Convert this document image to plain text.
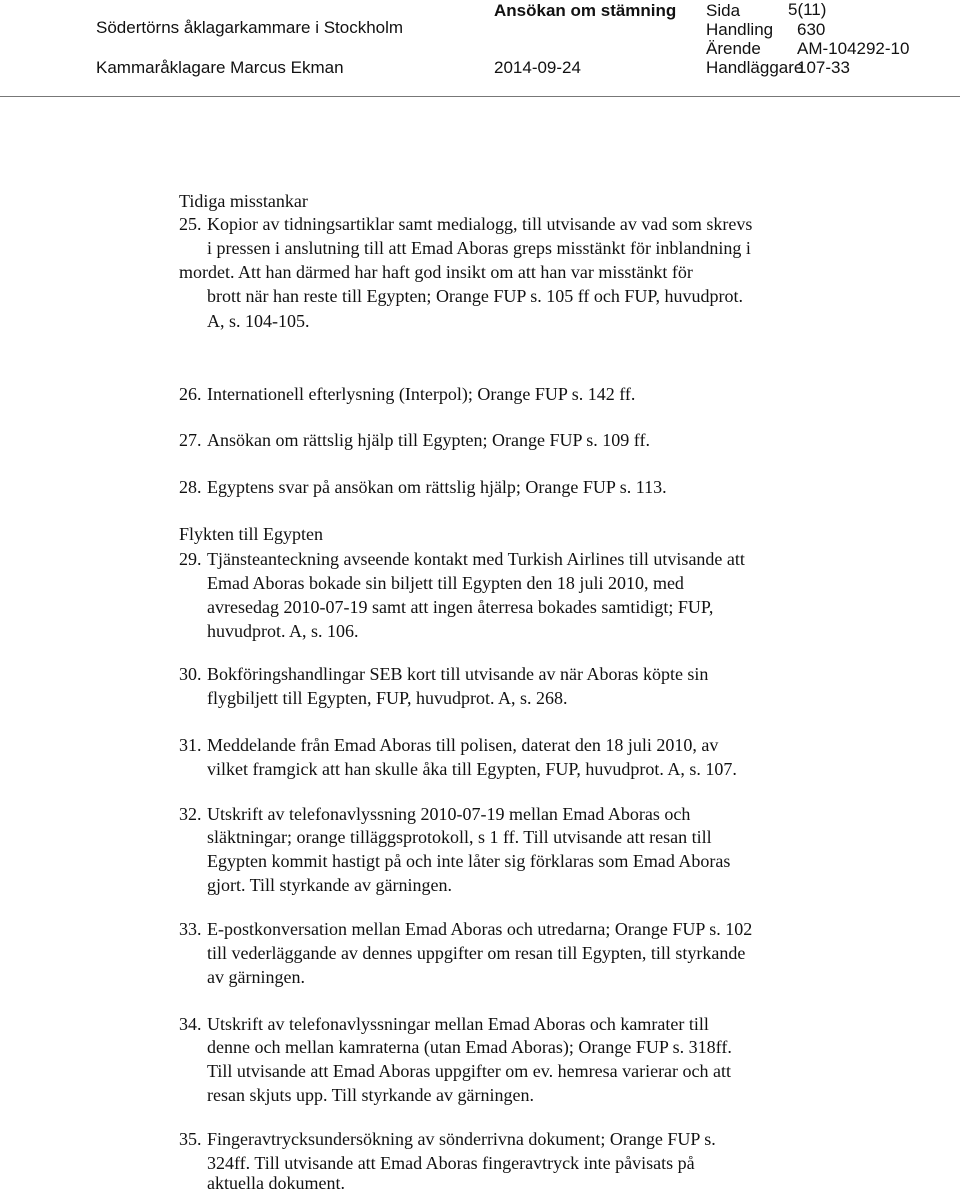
Södertörns åklagarkammare i Stockholm
Kammaråklagare Marcus Ekman
Ansökan om stämning
2014-09-24
Sida	5(11)
Handling 630
Ärende AM-104292-10
Handläggare
107-33
Tidiga misstankar
25. Kopior av tidningsartiklar samt medialogg, till utvisande av vad som skrevs
i pressen i anslutning till att Emad Aboras greps misstänkt för inblandning i
mordet. Att han därmed har haft god insikt om att han var misstänkt för
brott när han reste till Egypten; Orange FUP s. 105 ff och FUP, huvudprot.
A, s. 104-105.
26. Internationell efterlysning (Interpol); Orange FUP s. 142 ff.
27. Ansökan om rättslig hjälp till Egypten; Orange FUP s. 109 ff.
28. Egyptens svar på ansökan om rättslig hjälp; Orange FUP s. 113.
Flykten till Egypten
29. Tjänsteanteckning avseende kontakt med Turkish Airlines till utvisande att
Emad Aboras bokade sin biljett till Egypten den 18 juli 2010, med
avresedag 2010-07-19 samt att ingen återresa bokades samtidigt; FUP,
huvudprot. A, s. 106.
30. Bokföringshandlingar SEB kort till utvisande av när Aboras köpte sin
flygbiljett till Egypten, FUP, huvudprot. A, s. 268.
31. Meddelande från Emad Aboras till polisen, daterat den 18 juli 2010, av
vilket framgick att han skulle åka till Egypten, FUP, huvudprot. A, s. 107.
32. Utskrift av telefonavlyssning 2010-07-19 mellan Emad Aboras och
släktningar; orange tilläggsprotokoll, s 1 ff. Till utvisande att resan till
Egypten kommit hastigt på och inte låter sig förklaras som Emad Aboras
gjort. Till styrkande av gärningen.
33. E-postkonversation mellan Emad Aboras och utredarna; Orange FUP s. 102
till vederläggande av dennes uppgifter om resan till Egypten, till styrkande
av gärningen.
34. Utskrift av telefonavlyssningar mellan Emad Aboras och kamrater till
denne och mellan kamraterna (utan Emad Aboras); Orange FUP s. 318ff.
Till utvisande att Emad Aboras uppgifter om ev. hemresa varierar och att
resan skjuts upp. Till styrkande av gärningen.
35. Fingeravtrycksundersökning av sönderrivna dokument; Orange FUP s.
324ff. Till utvisande att Emad Aboras fingeravtryck inte påvisats på
aktuella dokument.
